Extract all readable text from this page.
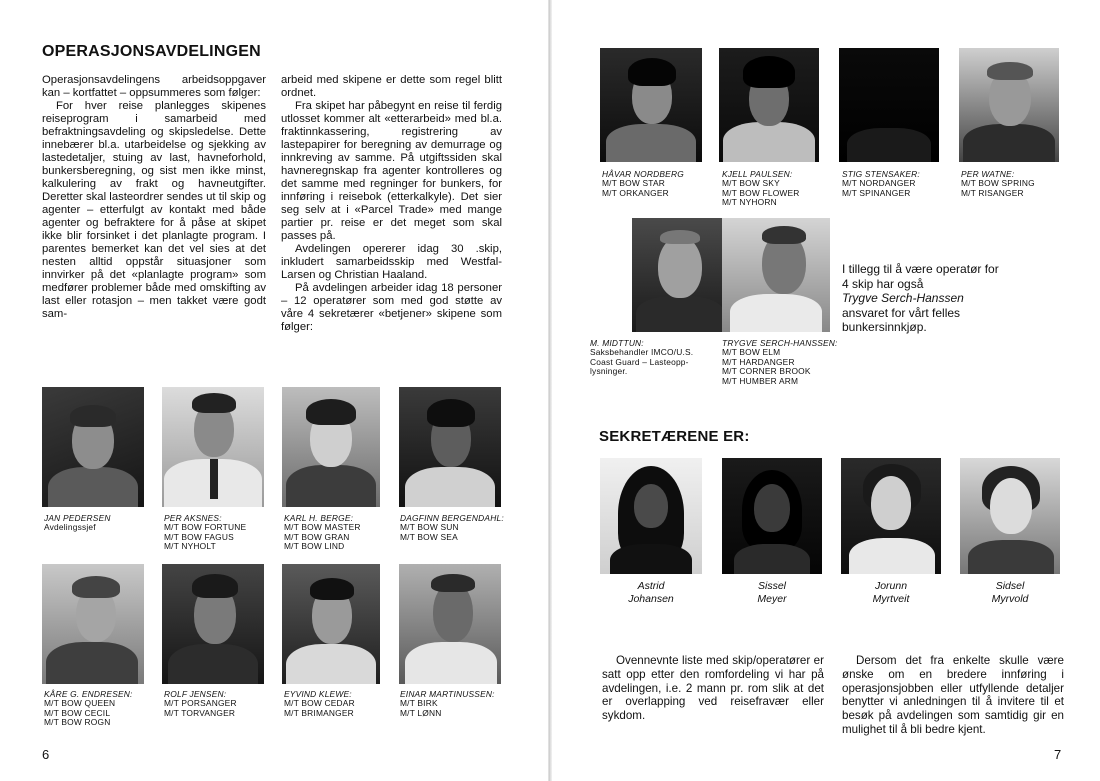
OPERASJONSAVDELINGEN

Operasjonsavdelingens arbeidsoppgaver kan – kortfattet – oppsummeres som følger:

For hver reise planlegges skipenes reiseprogram i samarbeid med befraktningsavdeling og skipsledelse. Dette innebærer bl.a. utarbeidelse og sjekking av lastedetaljer, stuing av last, havneforhold, bunkersberegning, og sist men ikke minst, kalkulering av frakt og havneutgifter. Deretter skal lasteordrer sendes ut til skip og agenter – etterfulgt av kontakt med både agenter og befraktere for å påse at skipet ikke blir forsinket i det planlagte program. I parentes bemerket kan det vel sies at det nesten alltid oppstår situasjoner som innvirker på det «planlagte program» som medfører problemer både med omskifting av last eller rotasjon – men takket være godt sam-

arbeid med skipene er dette som regel blitt ordnet.

Fra skipet har påbegynt en reise til ferdig utlosset kommer alt «etterarbeid» med bl.a. fraktinnkassering, registrering av lastepapirer for beregning av demurrage og innkreving av samme. På utgiftssiden skal havneregnskap fra agenter kontrolleres og det samme med regninger for bunkers, for innføring i reisebok (etterkalkyle). Det sier seg selv at i «Parcel Trade» med mange partier pr. reise er det meget som skal passes på.

Avdelingen opererer idag 30 .skip, inkludert samarbeidsskip med Westfal-Larsen og Christian Haaland.

På avdelingen arbeider idag 18 personer – 12 operatører som med god støtte av våre 4 sekretærer «betjener» skipene som følger:

JAN PEDERSEN
Avdelingssjef
PER AKSNES:
M/T BOW FORTUNE
M/T BOW FAGUS
M/T NYHOLT
KARL H. BERGE:
M/T BOW MASTER
M/T BOW GRAN
M/T BOW LIND
DAGFINN BERGENDAHL:
M/T BOW SUN
M/T BOW SEA
KÅRE G. ENDRESEN:
M/T BOW QUEEN
M/T BOW CECIL
M/T BOW ROGN
ROLF JENSEN:
M/T PORSANGER
M/T TORVANGER
EYVIND KLEWE:
M/T BOW CEDAR
M/T BRIMANGER
EINAR MARTINUSSEN:
M/T BIRK
M/T LØNN
6
HÅVAR NORDBERG
M/T BOW STAR
M/T ORKANGER
KJELL PAULSEN:
M/T BOW SKY
M/T BOW FLOWER
M/T NYHORN
STIG STENSAKER:
M/T NORDANGER
M/T SPINANGER
PER WATNE:
M/T BOW SPRING
M/T RISANGER
M. MIDTTUN:
Saksbehandler IMCO/U.S.
Coast Guard – Lasteopp-
lysninger.
TRYGVE SERCH-HANSSEN:
M/T BOW ELM
M/T HARDANGER
M/T CORNER BROOK
M/T HUMBER ARM
I tillegg til å være operatør for
4 skip har også
Trygve Serch-Hanssen
ansvaret for vårt felles
bunkersinnkjøp.
SEKRETÆRENE ER:
Astrid
Johansen
Sissel
Meyer
Jorunn
Myrtveit
Sidsel
Myrvold

Ovennevnte liste med skip/operatører er satt opp etter den romfordeling vi har på avdelingen, i.e. 2 mann pr. rom slik at det er overlapping ved reisefravær eller sykdom.

Dersom det fra enkelte skulle være ønske om en bredere innføring i operasjonsjobben eller utfyllende detaljer benytter vi anledningen til å invitere til et besøk på avdelingen som samtidig gir en mulighet til å bli bedre kjent.

7
